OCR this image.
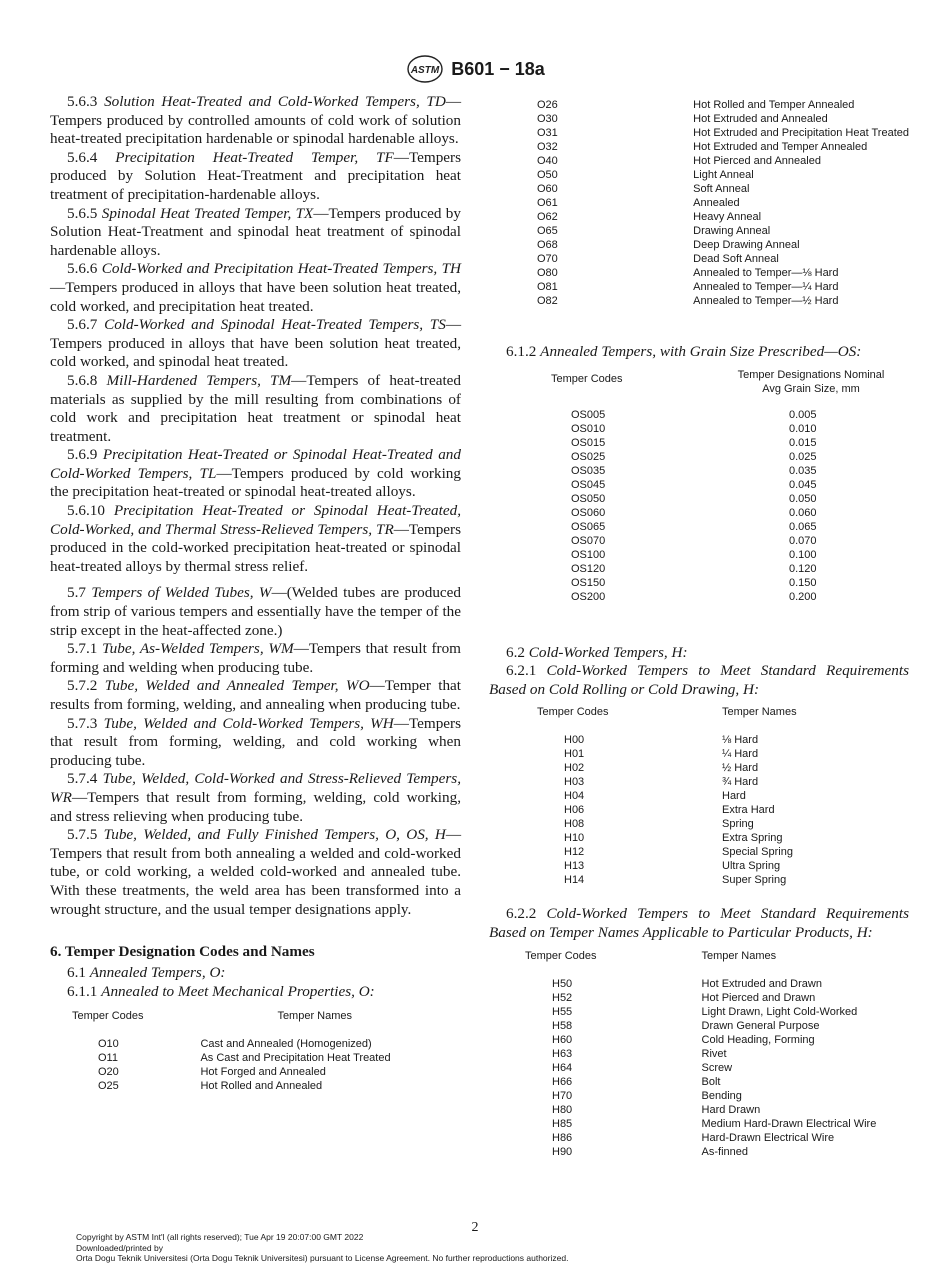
ASTM B601 − 18a

5.6.3 Solution Heat-Treated and Cold-Worked Tempers, TD—Tempers produced by controlled amounts of cold work of solution heat-treated precipitation hardenable or spinodal hardenable alloys.

5.6.4 Precipitation Heat-Treated Temper, TF—Tempers produced by Solution Heat-Treatment and precipitation heat treatment of precipitation-hardenable alloys.

5.6.5 Spinodal Heat Treated Temper, TX—Tempers produced by Solution Heat-Treatment and spinodal heat treatment of spinodal hardenable alloys.

5.6.6 Cold-Worked and Precipitation Heat-Treated Tempers, TH—Tempers produced in alloys that have been solution heat treated, cold worked, and precipitation heat treated.

5.6.7 Cold-Worked and Spinodal Heat-Treated Tempers, TS—Tempers produced in alloys that have been solution heat treated, cold worked, and spinodal heat treated.

5.6.8 Mill-Hardened Tempers, TM—Tempers of heat-treated materials as supplied by the mill resulting from combinations of cold work and precipitation heat treatment or spinodal heat treatment.

5.6.9 Precipitation Heat-Treated or Spinodal Heat-Treated and Cold-Worked Tempers, TL—Tempers produced by cold working the precipitation heat-treated or spinodal heat-treated alloys.

5.6.10 Precipitation Heat-Treated or Spinodal Heat-Treated, Cold-Worked, and Thermal Stress-Relieved Tempers, TR—Tempers produced in the cold-worked precipitation heat-treated or spinodal heat-treated alloys by thermal stress relief.

5.7 Tempers of Welded Tubes, W—(Welded tubes are produced from strip of various tempers and essentially have the temper of the strip except in the heat-affected zone.)

5.7.1 Tube, As-Welded Tempers, WM—Tempers that result from forming and welding when producing tube.

5.7.2 Tube, Welded and Annealed Temper, WO—Temper that results from forming, welding, and annealing when producing tube.

5.7.3 Tube, Welded and Cold-Worked Tempers, WH—Tempers that result from forming, welding, and cold working when producing tube.

5.7.4 Tube, Welded, Cold-Worked and Stress-Relieved Tempers, WR—Tempers that result from forming, welding, cold working, and stress relieving when producing tube.

5.7.5 Tube, Welded, and Fully Finished Tempers, O, OS, H—Tempers that result from both annealing a welded and cold-worked tube, or cold working, a welded cold-worked and annealed tube. With these treatments, the weld area has been transformed into a wrought structure, and the usual temper designations apply.

6. Temper Designation Codes and Names

6.1 Annealed Tempers, O:

6.1.1 Annealed to Meet Mechanical Properties, O:

Temper Codes	Temper Names

O10	Cast and Annealed (Homogenized)
O11	As Cast and Precipitation Heat Treated
O20	Hot Forged and Annealed
O25	Hot Rolled and Annealed
O26	Hot Rolled and Temper Annealed
O30	Hot Extruded and Annealed
O31	Hot Extruded and Precipitation Heat Treated
O32	Hot Extruded and Temper Annealed
O40	Hot Pierced and Annealed
O50	Light Anneal
O60	Soft Anneal
O61	Annealed
O62	Heavy Anneal
O65	Drawing Anneal
O68	Deep Drawing Anneal
O70	Dead Soft Anneal
O80	Annealed to Temper—⅛ Hard
O81	Annealed to Temper—¼ Hard
O82	Annealed to Temper—½ Hard

6.1.2 Annealed Tempers, with Grain Size Prescribed—OS:

Temper Codes	Temper Designations Nominal
Avg Grain Size, mm

OS005	0.005
OS010	0.010
OS015	0.015
OS025	0.025
OS035	0.035
OS045	0.045
OS050	0.050
OS060	0.060
OS065	0.065
OS070	0.070
OS100	0.100
OS120	0.120
OS150	0.150
OS200	0.200

6.2 Cold-Worked Tempers, H:

6.2.1 Cold-Worked Tempers to Meet Standard Requirements Based on Cold Rolling or Cold Drawing, H:

Temper Codes	Temper Names

H00	⅛ Hard
H01	¼ Hard
H02	½ Hard
H03	¾ Hard
H04	Hard
H06	Extra Hard
H08	Spring
H10	Extra Spring
H12	Special Spring
H13	Ultra Spring
H14	Super Spring

6.2.2 Cold-Worked Tempers to Meet Standard Requirements Based on Temper Names Applicable to Particular Products, H:

Temper Codes	Temper Names

H50	Hot Extruded and Drawn
H52	Hot Pierced and Drawn
H55	Light Drawn, Light Cold-Worked
H58	Drawn General Purpose
H60	Cold Heading, Forming
H63	Rivet
H64	Screw
H66	Bolt
H70	Bending
H80	Hard Drawn
H85	Medium Hard-Drawn Electrical Wire
H86	Hard-Drawn Electrical Wire
H90	As-finned
2
Copyright by ASTM Int'l (all rights reserved); Tue Apr 19 20:07:00 GMT 2022
Downloaded/printed by
Orta Dogu Teknik Universitesi (Orta Dogu Teknik Universitesi) pursuant to License Agreement. No further reproductions authorized.
